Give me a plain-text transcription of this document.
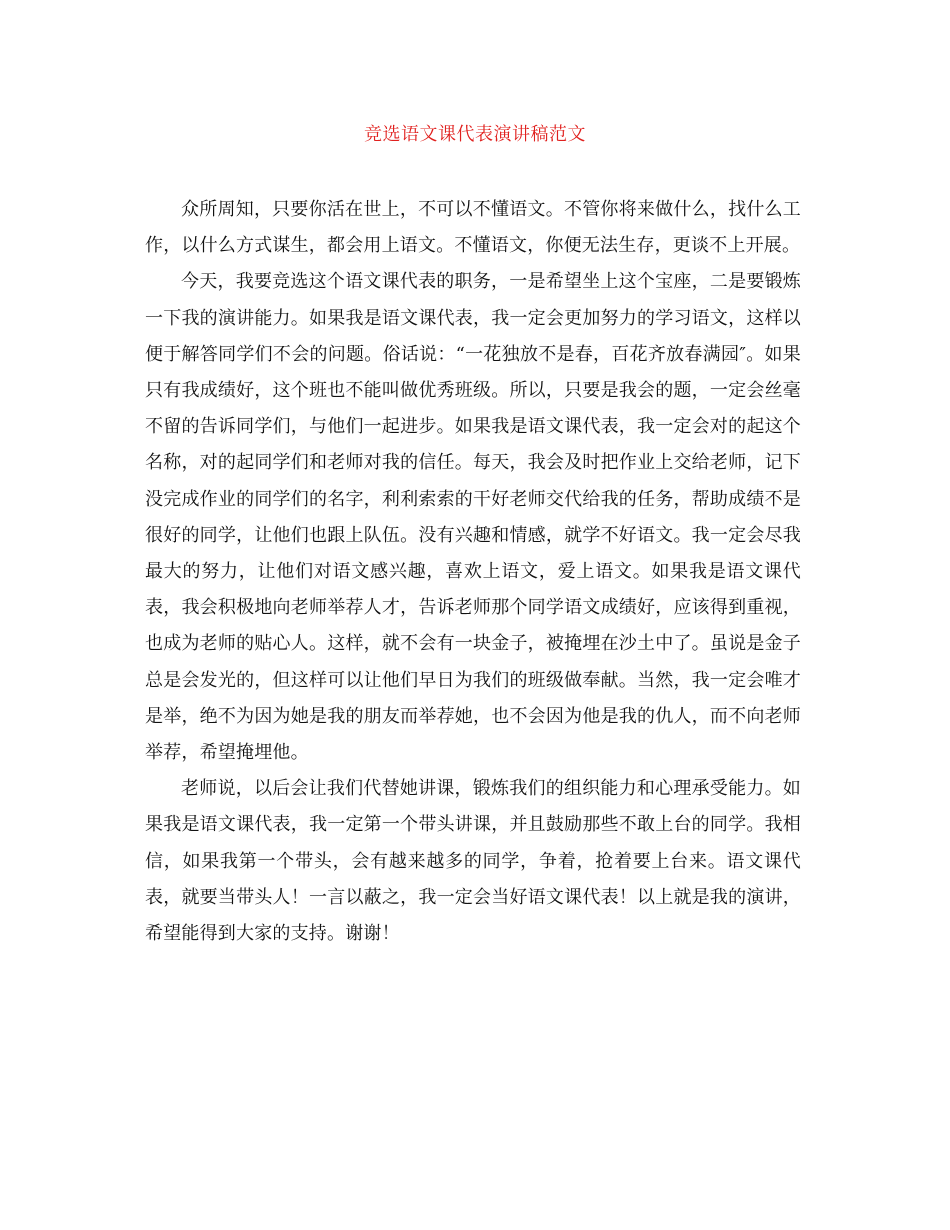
竞选语文课代表演讲稿范文

众所周知，只要你活在世上，不可以不懂语文。不管你将来做什么，找什么工作，以什么方式谋生，都会用上语文。不懂语文，你便无法生存，更谈不上开展。

今天，我要竞选这个语文课代表的职务，一是希望坐上这个宝座，二是要锻炼一下我的演讲能力。如果我是语文课代表，我一定会更加努力的学习语文，这样以便于解答同学们不会的问题。俗话说：“一花独放不是春，百花齐放春满园″。如果只有我成绩好，这个班也不能叫做优秀班级。所以，只要是我会的题，一定会丝毫不留的告诉同学们，与他们一起进步。如果我是语文课代表，我一定会对的起这个名称，对的起同学们和老师对我的信任。每天，我会及时把作业上交给老师，记下没完成作业的同学们的名字，利利索索的干好老师交代给我的任务，帮助成绩不是很好的同学，让他们也跟上队伍。没有兴趣和情感，就学不好语文。我一定会尽我最大的努力，让他们对语文感兴趣，喜欢上语文，爱上语文。如果我是语文课代表，我会积极地向老师举荐人才，告诉老师那个同学语文成绩好，应该得到重视，也成为老师的贴心人。这样，就不会有一块金子，被掩埋在沙土中了。虽说是金子总是会发光的，但这样可以让他们早日为我们的班级做奉献。当然，我一定会唯才是举，绝不为因为她是我的朋友而举荐她，也不会因为他是我的仇人，而不向老师举荐，希望掩埋他。

老师说，以后会让我们代替她讲课，锻炼我们的组织能力和心理承受能力。如果我是语文课代表，我一定第一个带头讲课，并且鼓励那些不敢上台的同学。我相信，如果我第一个带头，会有越来越多的同学，争着，抢着要上台来。语文课代表，就要当带头人！一言以蔽之，我一定会当好语文课代表！以上就是我的演讲，希望能得到大家的支持。谢谢！
